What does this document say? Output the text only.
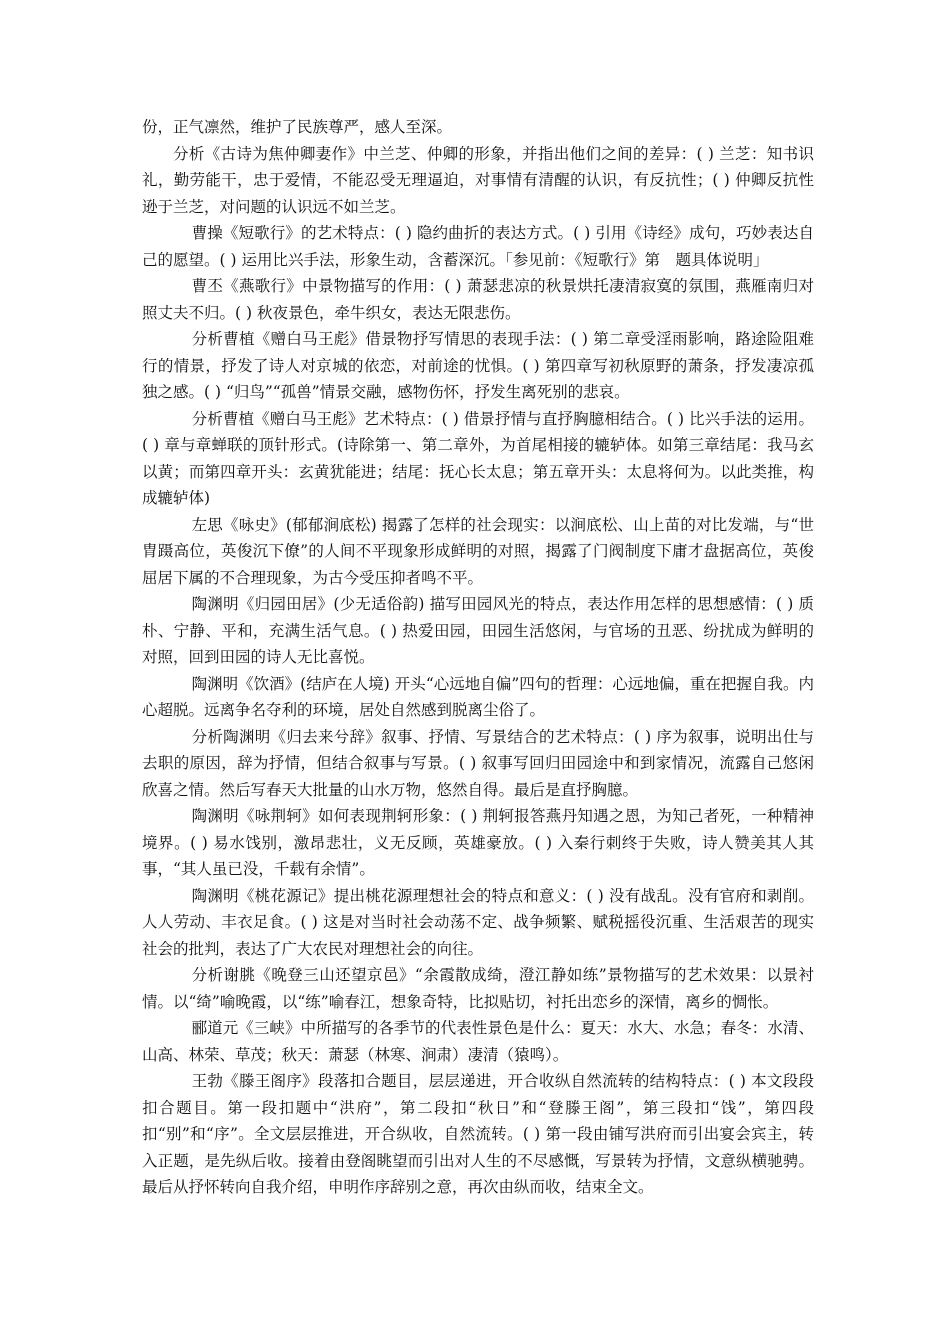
份，正气凛然，维护了民族尊严，感人至深。

分析《古诗为焦仲卿妻作》中兰芝、仲卿的形象，并指出他们之间的差异：( ) 兰芝：知书识礼，勤劳能干，忠于爱情，不能忍受无理逼迫，对事情有清醒的认识，有反抗性；( ) 仲卿反抗性逊于兰芝，对问题的认识远不如兰芝。

曹操《短歌行》的艺术特点：( ) 隐约曲折的表达方式。( ) 引用《诗经》成句，巧妙表达自己的愿望。( ) 运用比兴手法，形象生动，含蓄深沉。「参见前：《短歌行》第　题具体说明」

曹丕《燕歌行》中景物描写的作用：( ) 萧瑟悲凉的秋景烘托凄清寂寞的氛围，燕雁南归对照丈夫不归。( ) 秋夜景色，牵牛织女，表达无限悲伤。

分析曹植《赠白马王彪》借景物抒写情思的表现手法：( ) 第二章受淫雨影响，路途险阻难行的情景，抒发了诗人对京城的依恋，对前途的忧惧。( ) 第四章写初秋原野的萧条，抒发凄凉孤独之感。( ) “归鸟”“孤兽”情景交融，感物伤怀，抒发生离死别的悲哀。

分析曹植《赠白马王彪》艺术特点：( ) 借景抒情与直抒胸臆相结合。( ) 比兴手法的运用。( ) 章与章蝉联的顶针形式。(诗除第一、第二章外，为首尾相接的辘轳体。如第三章结尾：我马玄以黄；而第四章开头：玄黄犹能进；结尾：抚心长太息；第五章开头：太息将何为。以此类推，构成辘轳体)

左思《咏史》(郁郁涧底松) 揭露了怎样的社会现实：以涧底松、山上苗的对比发端，与“世胄蹑高位，英俊沉下僚”的人间不平现象形成鲜明的对照，揭露了门阀制度下庸才盘据高位，英俊屈居下属的不合理现象，为古今受压抑者鸣不平。

陶渊明《归园田居》(少无适俗韵) 描写田园风光的特点，表达作用怎样的思想感情：( ) 质朴、宁静、平和，充满生活气息。( ) 热爱田园，田园生活悠闲，与官场的丑恶、纷扰成为鲜明的对照，回到田园的诗人无比喜悦。

陶渊明《饮酒》(结庐在人境) 开头“心远地自偏”四句的哲理：心远地偏，重在把握自我。内心超脱。远离争名夺利的环境，居处自然感到脱离尘俗了。

分析陶渊明《归去来兮辞》叙事、抒情、写景结合的艺术特点：( ) 序为叙事，说明出仕与去职的原因，辞为抒情，但结合叙事与写景。( ) 叙事写回归田园途中和到家情况，流露自己悠闲欣喜之情。然后写春天大批量的山水万物，悠然自得。最后是直抒胸臆。

陶渊明《咏荆轲》如何表现荆轲形象：( ) 荆轲报答燕丹知遇之恩，为知己者死，一种精神境界。( ) 易水饯别，激昂悲壮，义无反顾，英雄豪放。( ) 入秦行刺终于失败，诗人赞美其人其事，“其人虽已没，千载有余情”。

陶渊明《桃花源记》提出桃花源理想社会的特点和意义：( ) 没有战乱。没有官府和剥削。人人劳动、丰衣足食。( ) 这是对当时社会动荡不定、战争频繁、赋税摇役沉重、生活艰苦的现实社会的批判，表达了广大农民对理想社会的向往。

分析谢朓《晚登三山还望京邑》“余霞散成绮，澄江静如练”景物描写的艺术效果：以景衬情。以“绮”喻晚霞，以“练”喻春江，想象奇特，比拟贴切，衬托出恋乡的深情，离乡的惆怅。

郦道元《三峡》中所描写的各季节的代表性景色是什么：夏天：水大、水急；春冬：水清、山高、林荣、草茂；秋天：萧瑟（林寒、涧肃）凄清（猿鸣）。

王勃《滕王阁序》段落扣合题目，层层递进，开合收纵自然流转的结构特点：( ) 本文段段扣合题目。第一段扣题中“洪府”，第二段扣“秋日”和“登滕王阁”，第三段扣“饯”，第四段扣“别”和“序”。全文层层推进，开合纵收，自然流转。( ) 第一段由铺写洪府而引出宴会宾主，转入正题，是先纵后收。接着由登阁眺望而引出对人生的不尽感慨，写景转为抒情，文意纵横驰骋。最后从抒怀转向自我介绍，申明作序辞别之意，再次由纵而收，结束全文。
